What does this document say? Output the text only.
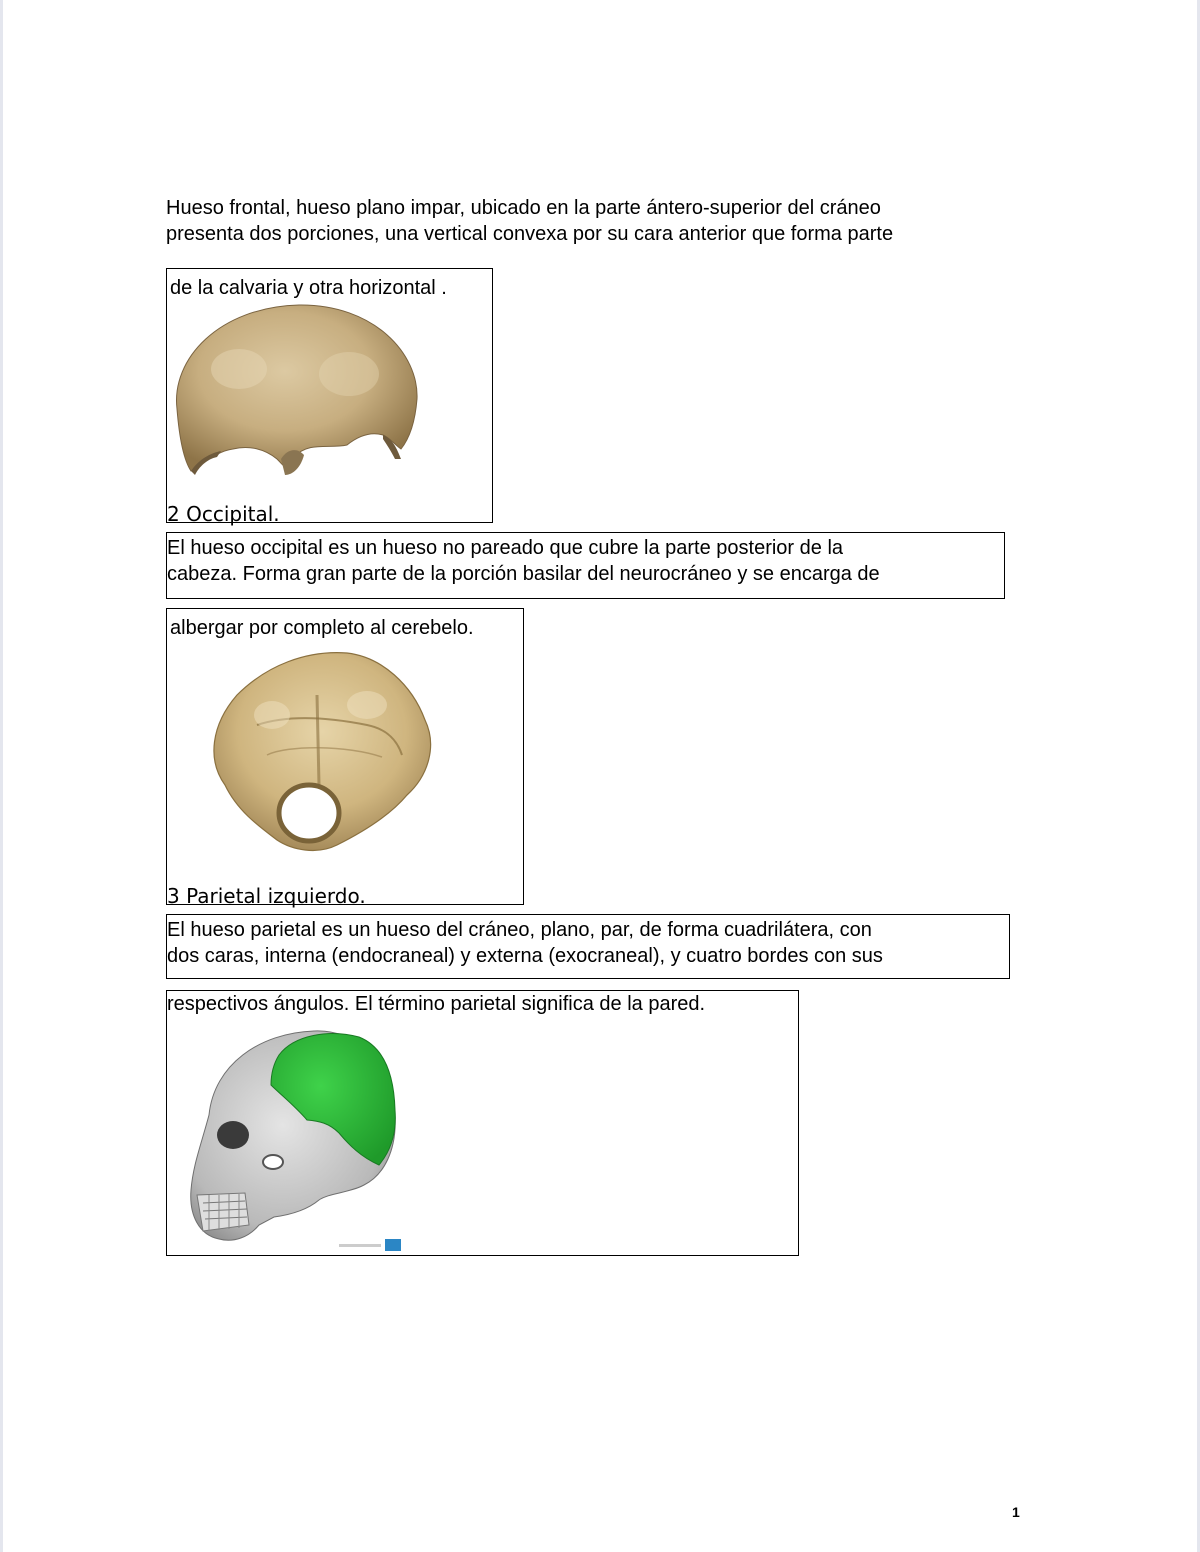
Hueso frontal, hueso plano impar, ubicado en la parte ántero-superior del cráneo
presenta dos porciones, una vertical convexa por su cara anterior que forma parte
de la calvaria y otra horizontal .
2 Occipital.
El hueso occipital es un hueso no pareado que cubre la parte posterior de la
cabeza. Forma gran parte de la porción basilar del neurocráneo y se encarga de
albergar por completo al cerebelo.
3 Parietal izquierdo.
El hueso parietal es un hueso del cráneo, plano, par, de forma cuadrilátera, con
dos caras, interna (endocraneal) y externa (exocraneal), y cuatro bordes con sus
respectivos ángulos. El término parietal significa de la pared.
1
